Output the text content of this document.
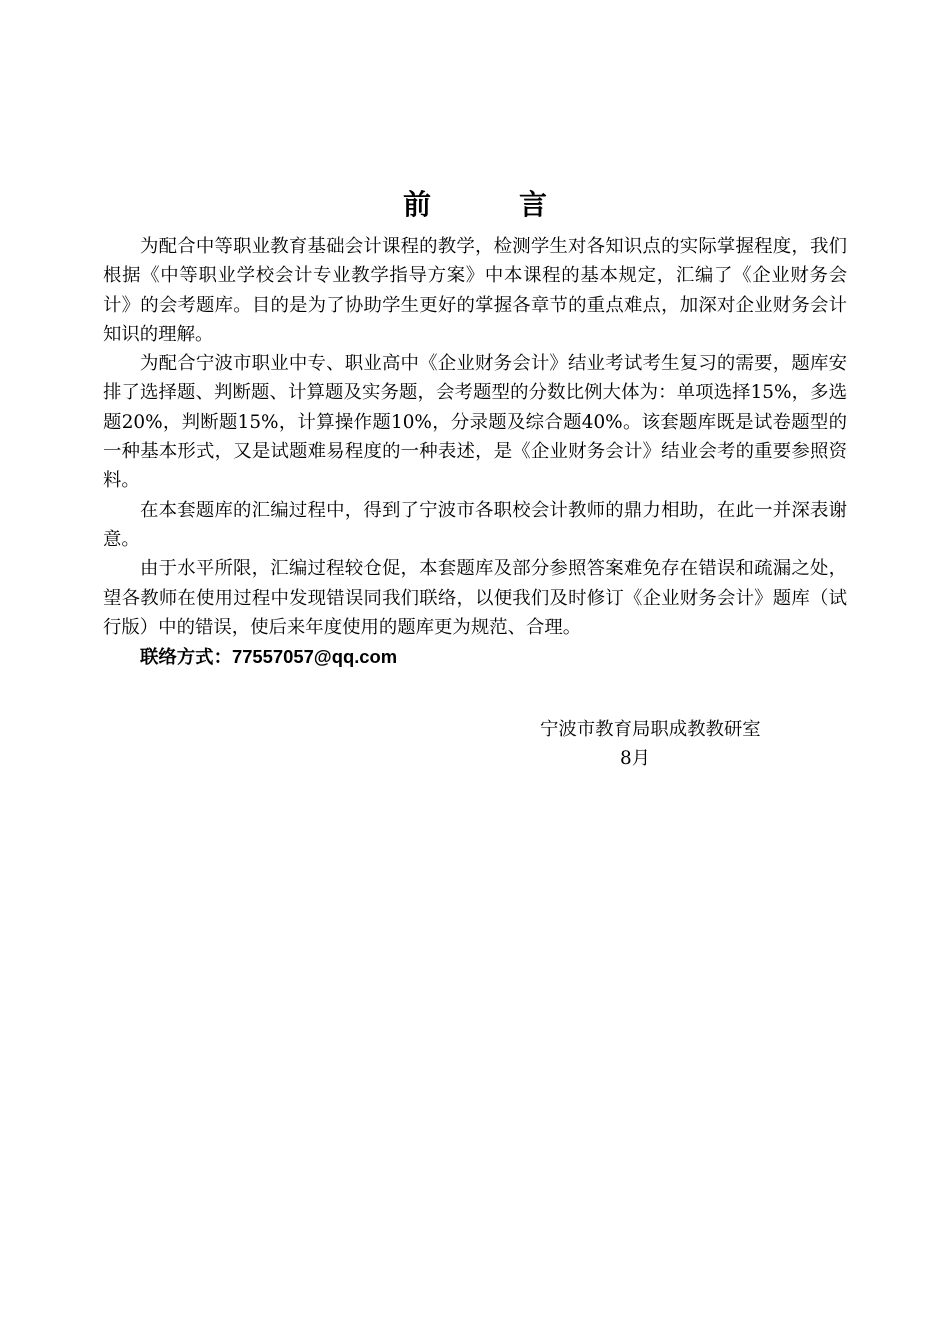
前言

为配合中等职业教育基础会计课程的教学，检测学生对各知识点的实际掌握程度，我们根据《中等职业学校会计专业教学指导方案》中本课程的基本规定，汇编了《企业财务会计》的会考题库。目的是为了协助学生更好的掌握各章节的重点难点，加深对企业财务会计知识的理解。

为配合宁波市职业中专、职业高中《企业财务会计》结业考试考生复习的需要，题库安排了选择题、判断题、计算题及实务题，会考题型的分数比例大体为：单项选择15%，多选题20%，判断题15%，计算操作题10%，分录题及综合题40%。该套题库既是试卷题型的一种基本形式，又是试题难易程度的一种表述，是《企业财务会计》结业会考的重要参照资料。

在本套题库的汇编过程中，得到了宁波市各职校会计教师的鼎力相助，在此一并深表谢意。

由于水平所限，汇编过程较仓促，本套题库及部分参照答案难免存在错误和疏漏之处，望各教师在使用过程中发现错误同我们联络，以便我们及时修订《企业财务会计》题库（试行版）中的错误，使后来年度使用的题库更为规范、合理。

联络方式：77557057@qq.com
宁波市教育局职成教教研室
8月
